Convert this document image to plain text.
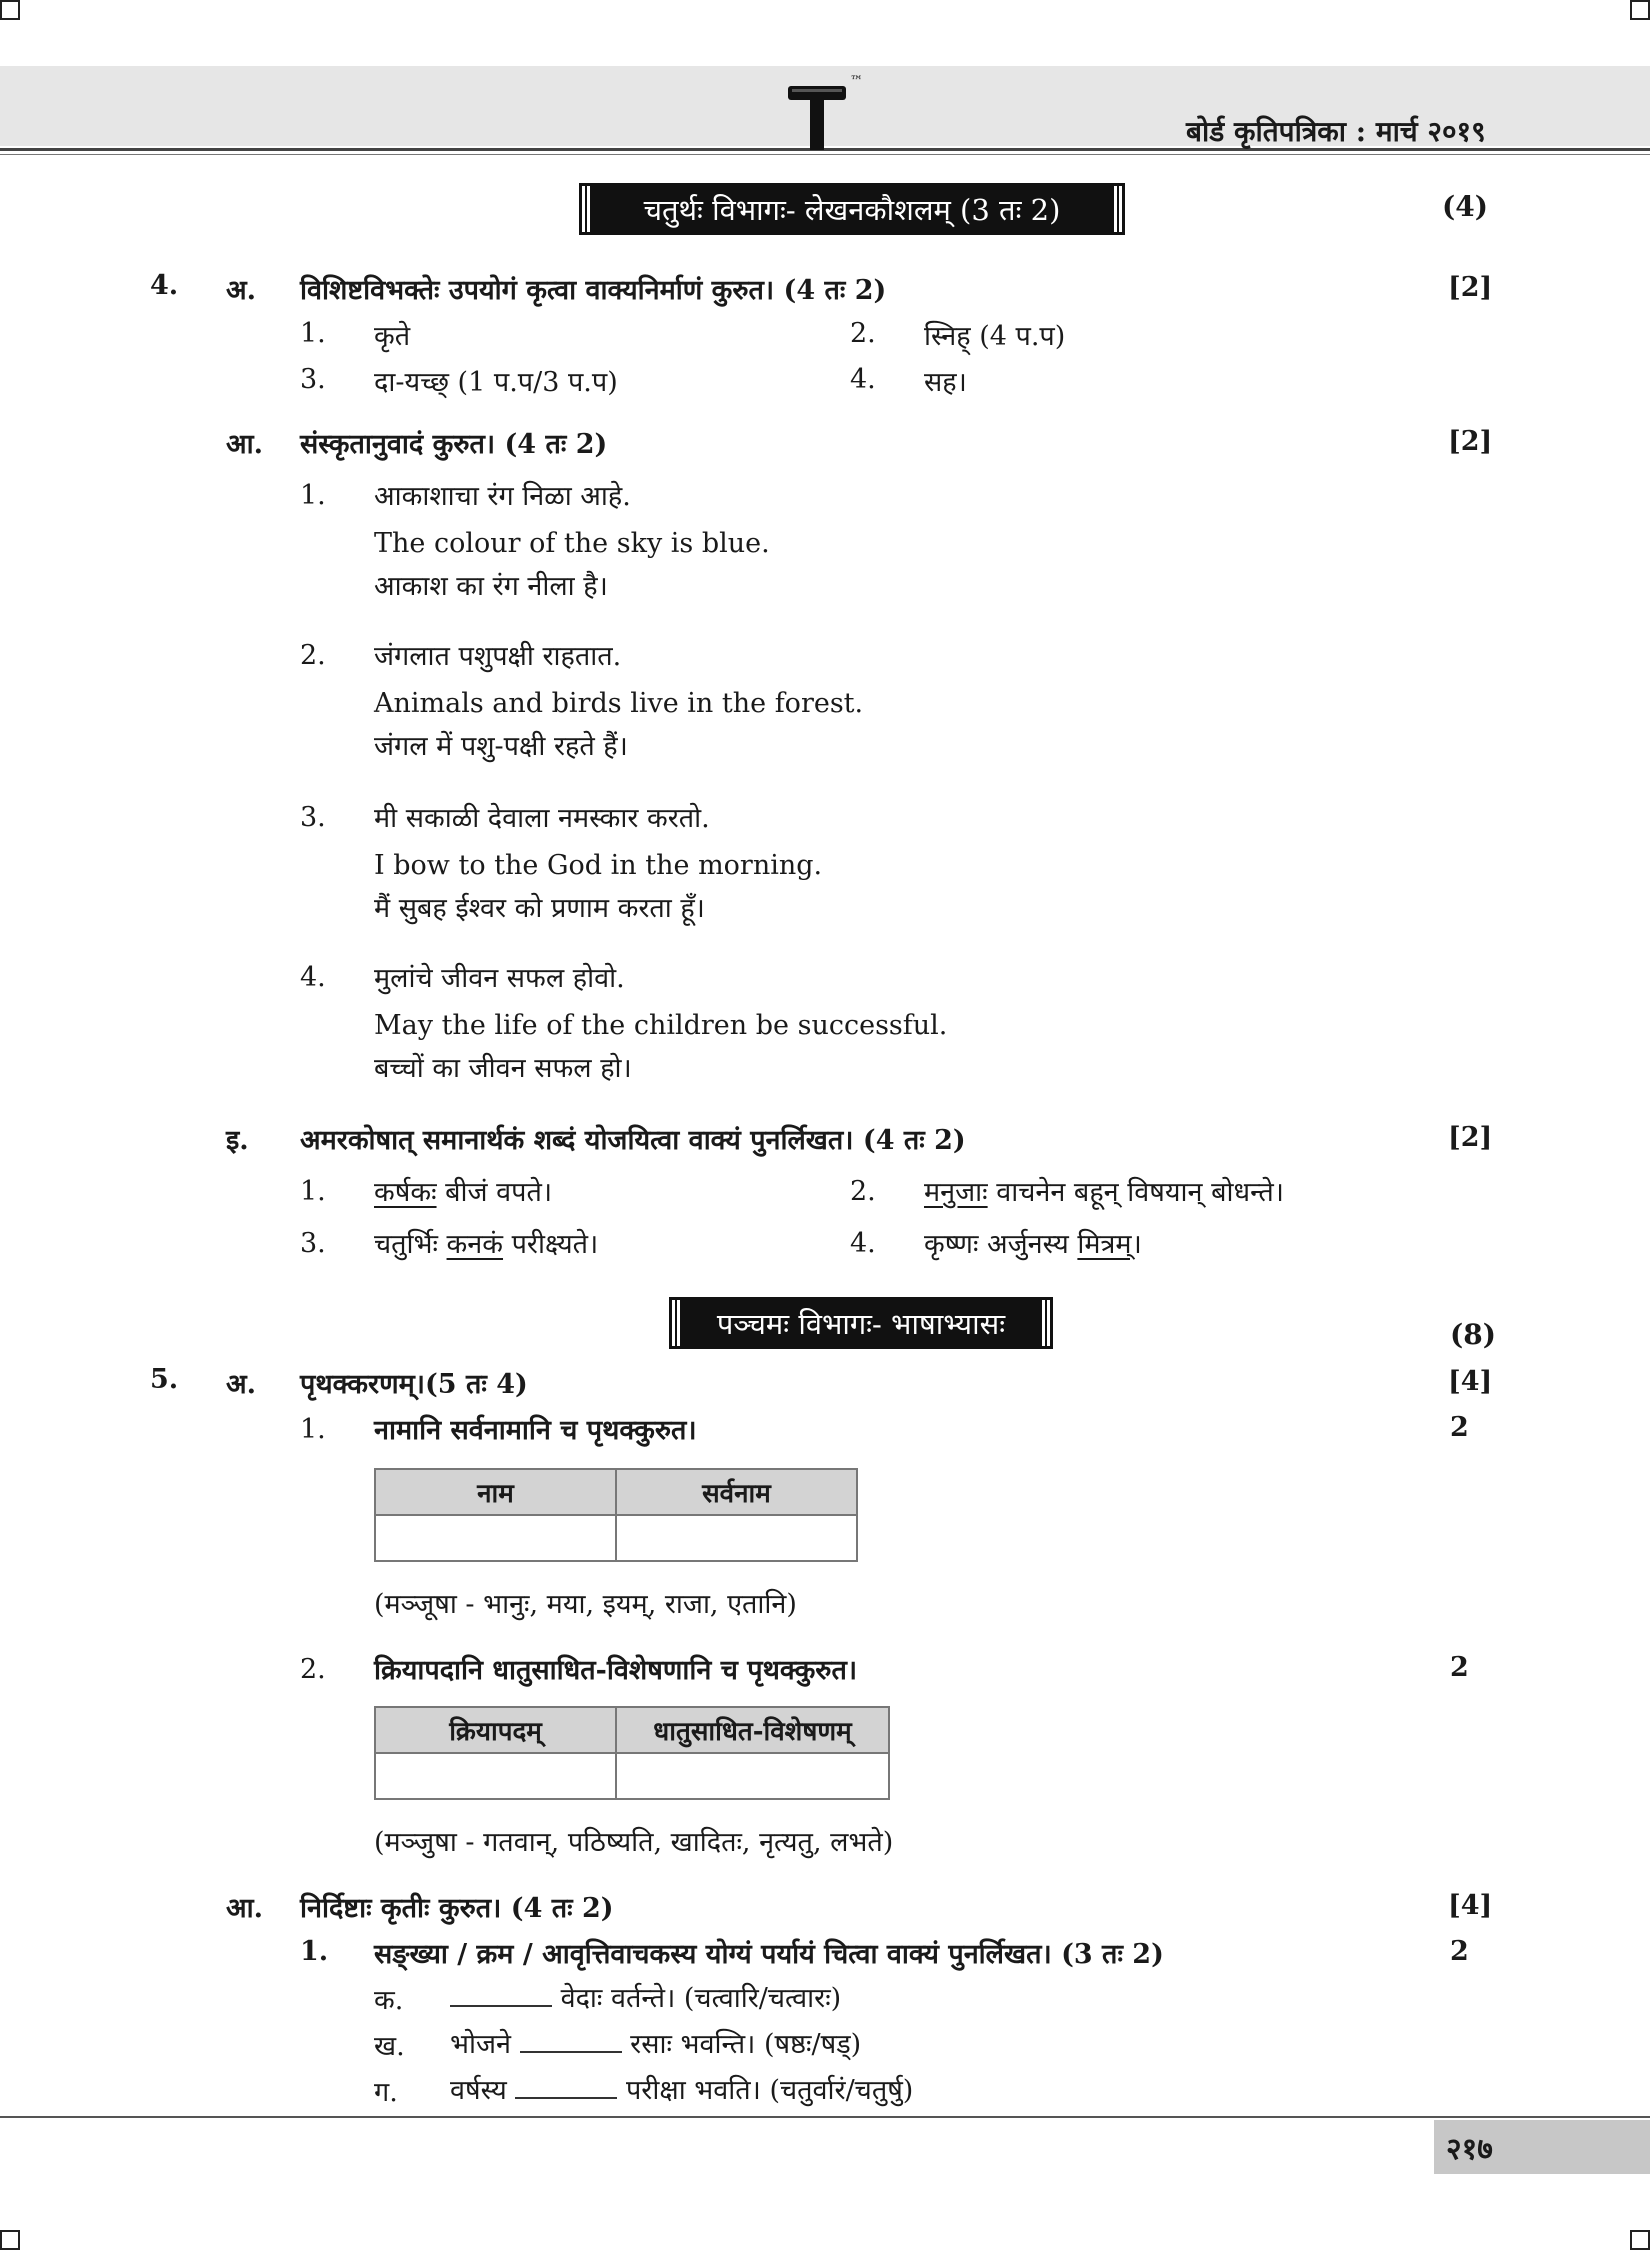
™
बोर्ड कृतिपत्रिका : मार्च २०१९
चतुर्थः विभागः- लेखनकौशलम् (3 तः 2)	(4)
4. अ. विशिष्टविभक्तेः उपयोगं कृत्वा वाक्यनिर्माणं कुरुत। (4 तः 2)	[2]
1. कृते	2. स्निह् (4 प.प)
3. दा-यच्छ् (1 प.प/3 प.प)	4. सह।
आ. संस्कृतानुवादं कुरुत। (4 तः 2)	[2]
1. आकाशाचा रंग निळा आहे.
The colour of the sky is blue.
आकाश का रंग नीला है।
2. जंगलात पशुपक्षी राहतात.
Animals and birds live in the forest.
जंगल में पशु-पक्षी रहते हैं।
3. मी सकाळी देवाला नमस्कार करतो.
I bow to the God in the morning.
मैं सुबह ईश्वर को प्रणाम करता हूँ।
4. मुलांचे जीवन सफल होवो.
May the life of the children be successful.
बच्चों का जीवन सफल हो।
इ. अमरकोषात् समानार्थकं शब्दं योजयित्वा वाक्यं पुनर्लिखत। (4 तः 2)	[2]
1. कर्षकः बीजं वपते।	2. मनुजाः वाचनेन बहून् विषयान् बोधन्ते।
3. चतुर्भिः कनकं परीक्ष्यते।	4. कृष्णः अर्जुनस्य मित्रम्।
पञ्चमः विभागः- भाषाभ्यासः	(8)
5. अ. पृथक्करणम्।(5 तः 4)	[4]
1. नामानि सर्वनामानि च पृथक्कुरुत।	2
नाम	सर्वनाम

(मञ्जूषा - भानुः, मया, इयम्, राजा, एतानि)
2. क्रियापदानि धातुसाधित-विशेषणानि च पृथक्कुरुत।	2
क्रियापदम्	धातुसाधित-विशेषणम्

(मञ्जुषा - गतवान्, पठिष्यति, खादितः, नृत्यतु, लभते)
आ. निर्दिष्टाः कृतीः कुरुत। (4 तः 2)	[4]
1. सङ्ख्या / क्रम / आवृत्तिवाचकस्य योग्यं पर्यायं चित्वा वाक्यं पुनर्लिखत। (3 तः 2)	2
क.	वेदाः वर्तन्ते। (चत्वारि/चत्वारः)
ख. भोजने	रसाः भवन्ति। (षष्ठः/षड्)
ग. वर्षस्य	परीक्षा भवति। (चतुर्वारं/चतुर्षु)
२१७
